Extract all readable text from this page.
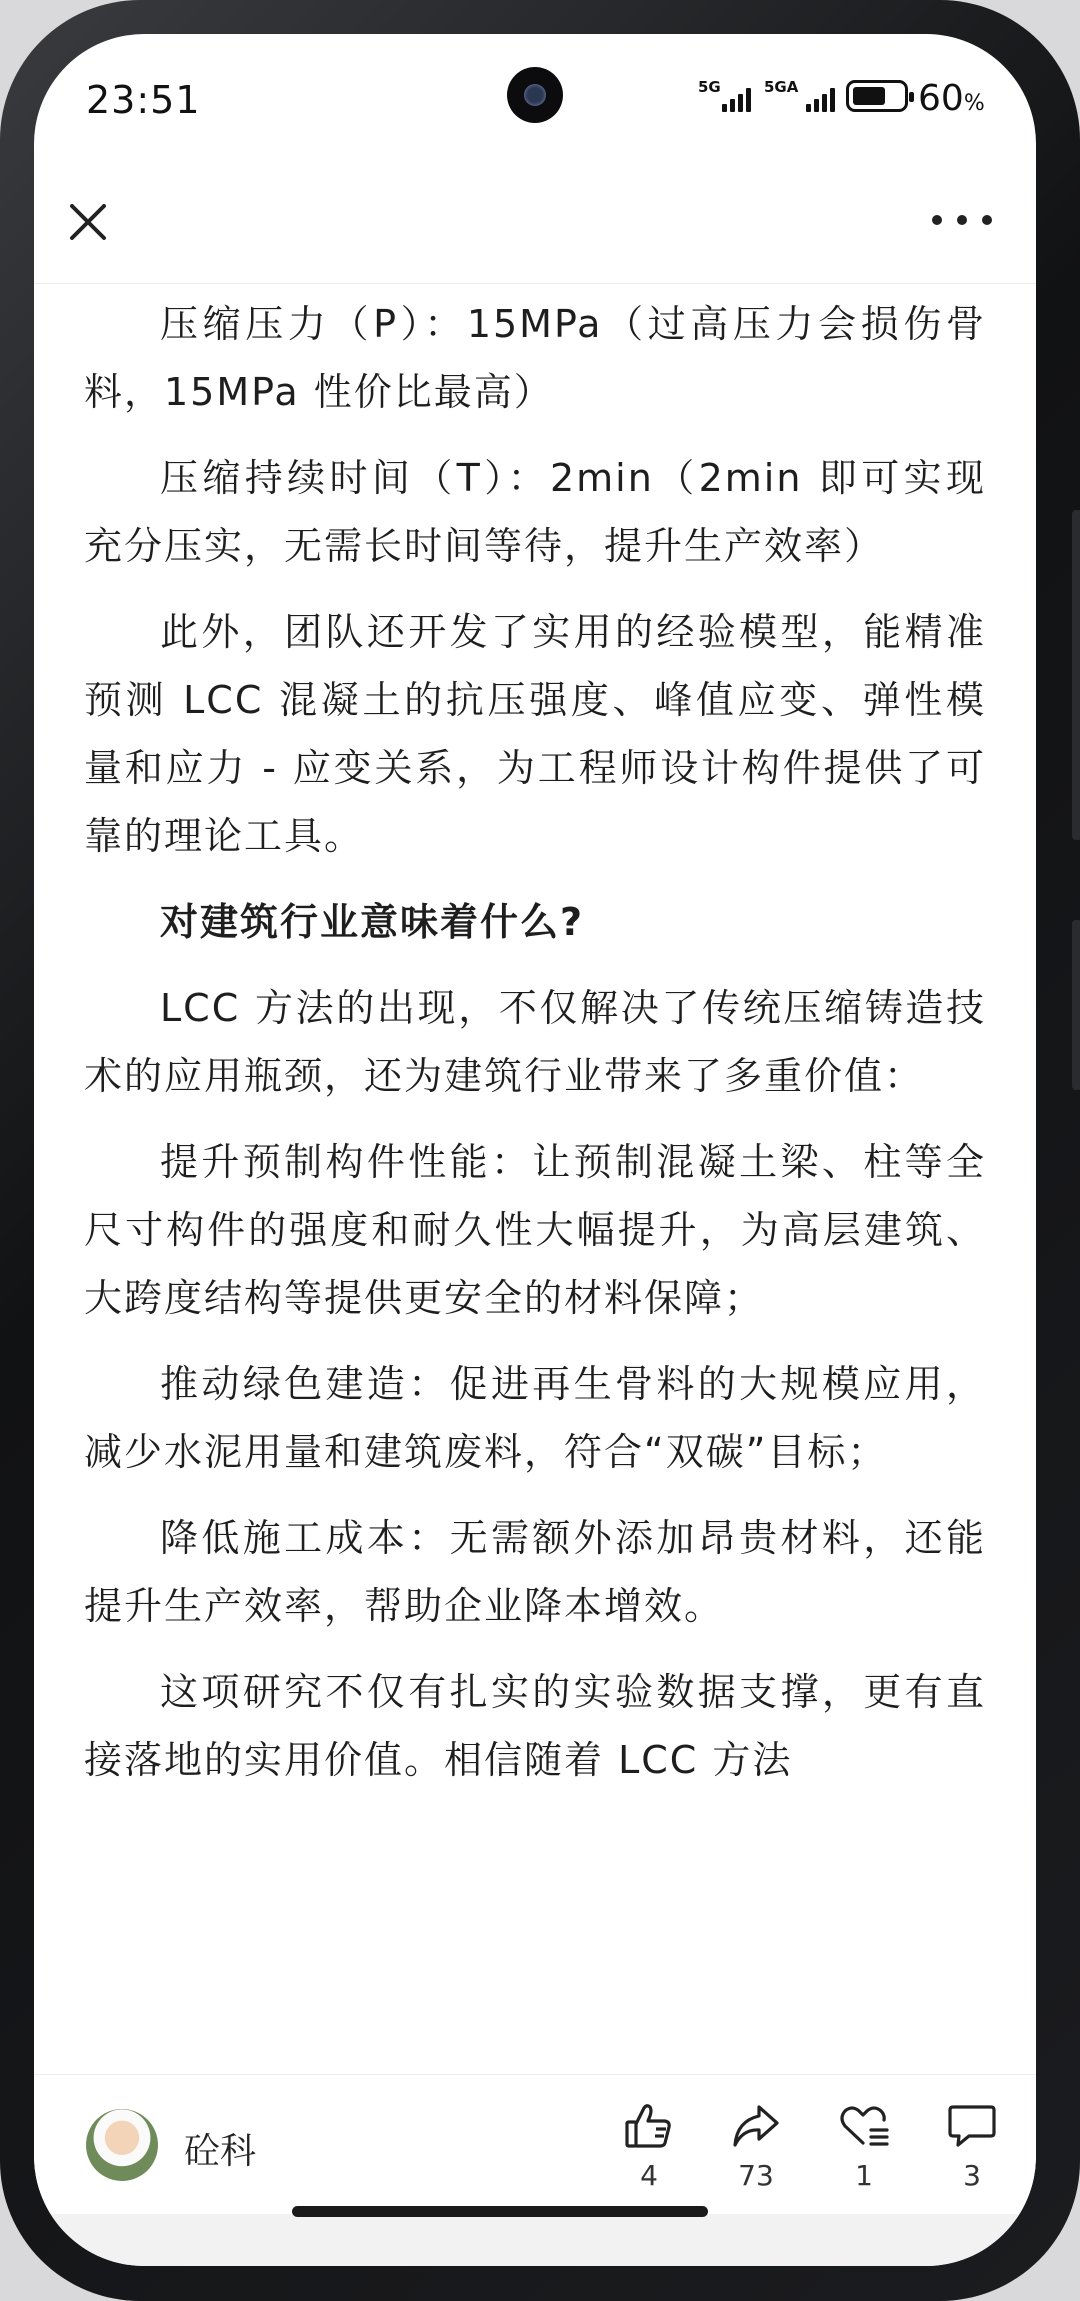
23:51	5G	5GA	60%

压缩压力（P）：15MPa（过高压力会损伤骨料，15MPa 性价比最高）

压缩持续时间（T）：2min（2min 即可实现充分压实，无需长时间等待，提升生产效率）

此外，团队还开发了实用的经验模型，能精准预测 LCC 混凝土的抗压强度、峰值应变、弹性模量和应力 - 应变关系，为工程师设计构件提供了可靠的理论工具。

对建筑行业意味着什么?

LCC 方法的出现，不仅解决了传统压缩铸造技术的应用瓶颈，还为建筑行业带来了多重价值：

提升预制构件性能：让预制混凝土梁、柱等全尺寸构件的强度和耐久性大幅提升，为高层建筑、大跨度结构等提供更安全的材料保障；

推动绿色建造：促进再生骨料的大规模应用，减少水泥用量和建筑废料，符合“双碳”目标；

降低施工成本：无需额外添加昂贵材料，还能提升生产效率，帮助企业降本增效。

这项研究不仅有扎实的实验数据支撑，更有直接落地的实用价值。相信随着 LCC 方法

砼科
4	73	1	3
